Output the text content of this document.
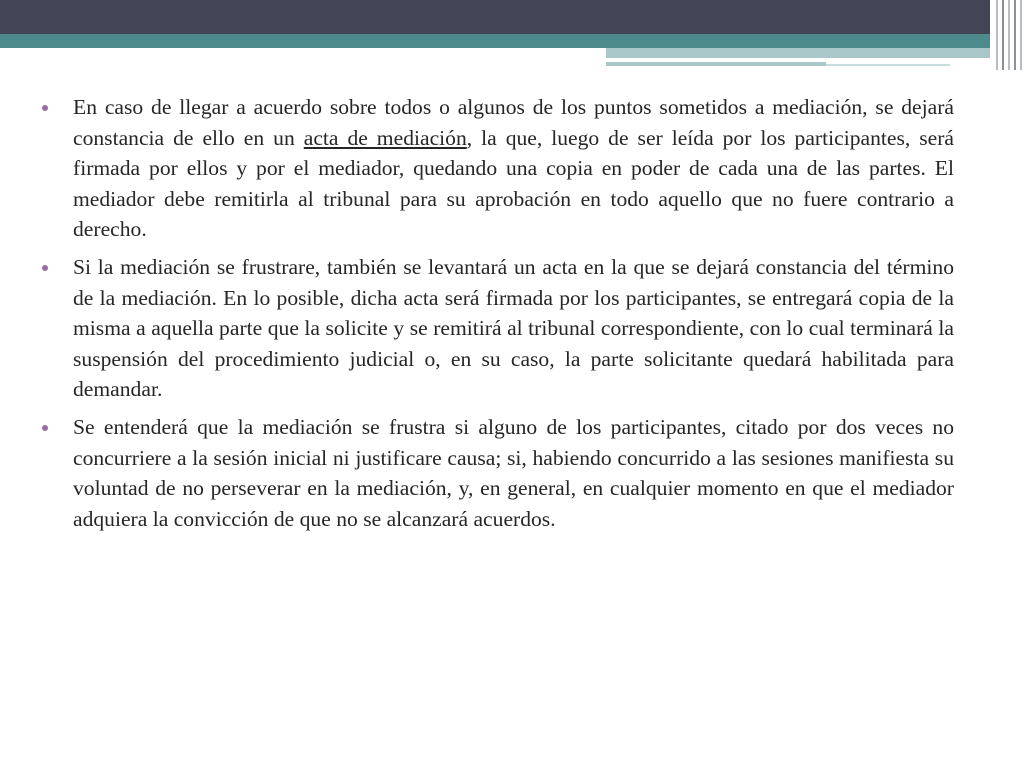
En caso de llegar a acuerdo sobre todos o algunos de los puntos sometidos a mediación, se dejará constancia de ello en un acta de mediación, la que, luego de ser leída por los participantes, será firmada por ellos y por el mediador, quedando una copia en poder de cada una de las partes. El mediador debe remitirla al tribunal para su aprobación en todo aquello que no fuere contrario a derecho.
Si la mediación se frustrare, también se levantará un acta en la que se dejará constancia del término de la mediación. En lo posible, dicha acta será firmada por los participantes, se entregará copia de la misma a aquella parte que la solicite y se remitirá al tribunal correspondiente, con lo cual terminará la suspensión del procedimiento judicial o, en su caso, la parte solicitante quedará habilitada para demandar.
Se entenderá que la mediación se frustra si alguno de los participantes, citado por dos veces no concurriere a la sesión inicial ni justificare causa; si, habiendo concurrido a las sesiones manifiesta su voluntad de no perseverar en la mediación, y, en general, en cualquier momento en que el mediador adquiera la convicción de que no se alcanzará acuerdos.
